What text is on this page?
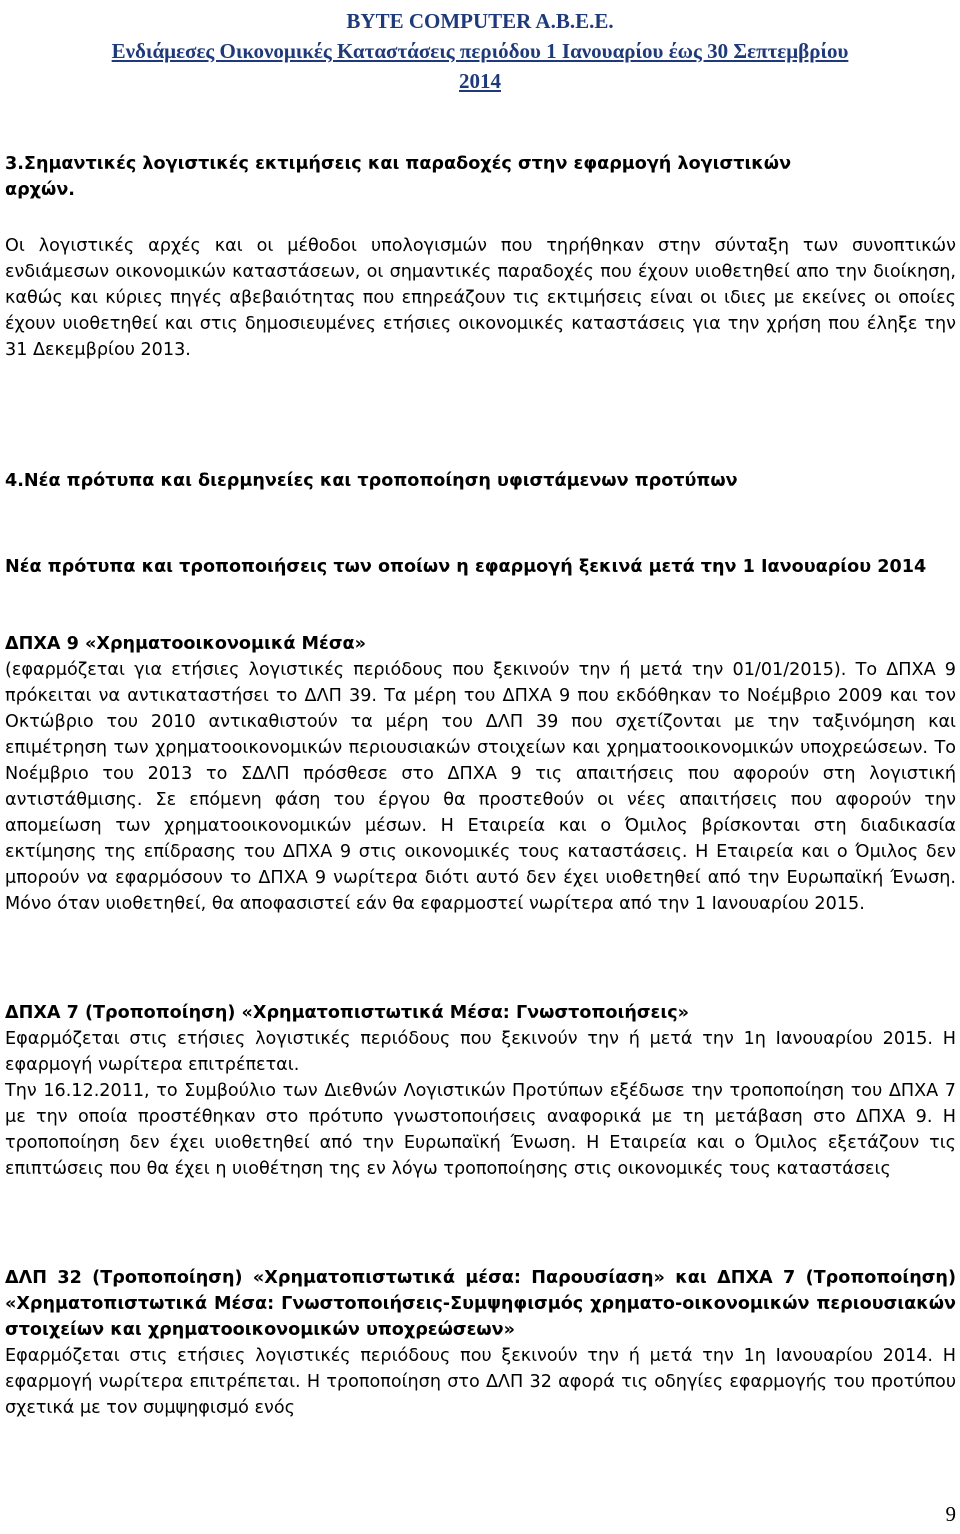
BYTE COMPUTER A.B.E.E.
Ενδιάμεσες Οικονομικές Καταστάσεις περιόδου 1 Ιανουαρίου έως 30 Σεπτεμβρίου
2014

3.Σημαντικές λογιστικές εκτιμήσεις και παραδοχές στην εφαρμογή λογιστικών

αρχών.

Οι λογιστικές αρχές και οι μέθοδοι υπολογισμών που τηρήθηκαν στην σύνταξη των συνοπτικών ενδιάμεσων οικονομικών καταστάσεων, οι σημαντικές παραδοχές που έχουν υιοθετηθεί απο την διοίκηση, καθώς και κύριες πηγές αβεβαιότητας που επηρεάζουν τις εκτιμήσεις είναι οι ιδιες με εκείνες οι οποίες έχουν υιοθετηθεί και στις δημοσιευμένες ετήσιες οικονομικές καταστάσεις για την χρήση που έληξε την 31 Δεκεμβρίου 2013.

4.Νέα πρότυπα και διερμηνείες και τροποποίηση υφιστάμενων προτύπων

Νέα πρότυπα και τροποποιήσεις των οποίων η εφαρμογή ξεκινά μετά την 1 Ιανουαρίου 2014

ΔΠΧΑ 9 «Χρηματοοικονομικά Μέσα»

(εφαρμόζεται για ετήσιες λογιστικές περιόδους που ξεκινούν την ή μετά την 01/01/2015). Το ΔΠΧΑ 9 πρόκειται να αντικαταστήσει το ΔΛΠ 39. Τα μέρη του ΔΠΧΑ 9 που εκδόθηκαν το Νοέμβριο 2009 και τον Οκτώβριο του 2010 αντικαθιστούν τα μέρη του ΔΛΠ 39 που σχετίζονται με την ταξινόμηση και επιμέτρηση των χρηματοοικονομικών περιουσιακών στοιχείων και χρηματοοικονομικών υποχρεώσεων. Το Νοέμβριο του 2013 το ΣΔΛΠ πρόσθεσε στο ΔΠΧΑ 9 τις απαιτήσεις που αφορούν στη λογιστική αντιστάθμισης. Σε επόμενη φάση του έργου θα προστεθούν οι νέες απαιτήσεις που αφορούν την απομείωση των χρηματοοικονομικών μέσων. Η Εταιρεία και ο Όμιλος βρίσκονται στη διαδικασία εκτίμησης της επίδρασης του ΔΠΧΑ 9 στις οικονομικές τους καταστάσεις. Η Εταιρεία και ο Όμιλος δεν μπορούν να εφαρμόσουν το ΔΠΧΑ 9 νωρίτερα διότι αυτό δεν έχει υιοθετηθεί από την Ευρωπαϊκή Ένωση. Μόνο όταν υιοθετηθεί, θα αποφασιστεί εάν θα εφαρμοστεί νωρίτερα από την 1 Ιανουαρίου 2015.

ΔΠΧΑ 7 (Τροποποίηση) «Χρηματοπιστωτικά Μέσα: Γνωστοποιήσεις»

Εφαρμόζεται στις ετήσιες λογιστικές περιόδους που ξεκινούν την ή μετά την 1η Ιανουαρίου 2015. Η εφαρμογή νωρίτερα επιτρέπεται.

Την 16.12.2011, το Συμβούλιο των Διεθνών Λογιστικών Προτύπων εξέδωσε την τροποποίηση του ΔΠΧΑ 7 με την οποία προστέθηκαν στο πρότυπο γνωστοποιήσεις αναφορικά με τη μετάβαση στο ΔΠΧΑ 9. Η τροποποίηση δεν έχει υιοθετηθεί από την Ευρωπαϊκή Ένωση. Η Εταιρεία και ο Όμιλος εξετάζουν τις επιπτώσεις που θα έχει η υιοθέτηση της εν λόγω τροποποίησης στις οικονομικές τους καταστάσεις

ΔΛΠ 32 (Τροποποίηση) «Χρηματοπιστωτικά μέσα: Παρουσίαση» και ΔΠΧΑ 7 (Τροποποίηση) «Χρηματοπιστωτικά Μέσα: Γνωστοποιήσεις-Συμψηφισμός χρηματο-οικονομικών περιουσιακών στοιχείων και χρηματοοικονομικών υποχρεώσεων»

Εφαρμόζεται στις ετήσιες λογιστικές περιόδους που ξεκινούν την ή μετά την 1η Ιανουαρίου 2014. Η εφαρμογή νωρίτερα επιτρέπεται. Η τροποποίηση στο ΔΛΠ 32 αφορά τις οδηγίες εφαρμογής του προτύπου σχετικά με τον συμψηφισμό ενός

9
